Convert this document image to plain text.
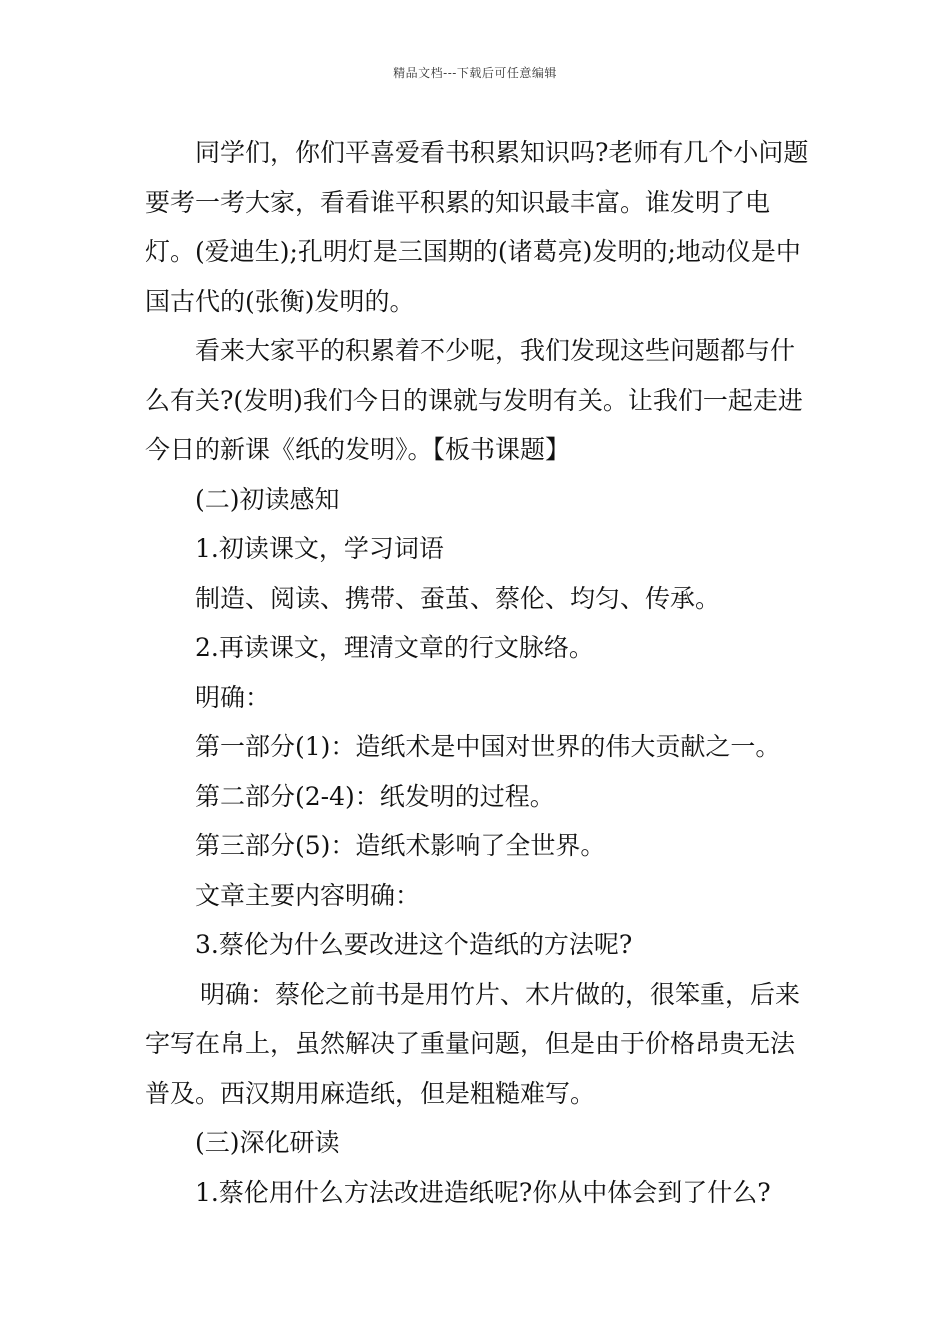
精品文档---下载后可任意编辑

同学们，你们平喜爱看书积累知识吗?老师有几个小问题要考一考大家，看看谁平积累的知识最丰富。谁发明了电灯。(爱迪生);孔明灯是三国期的(诸葛亮)发明的;地动仪是中国古代的(张衡)发明的。

看来大家平的积累着不少呢，我们发现这些问题都与什么有关?(发明)我们今日的课就与发明有关。让我们一起走进今日的新课《纸的发明》。【板书课题】

(二)初读感知

1.初读课文，学习词语

制造、阅读、携带、蚕茧、蔡伦、均匀、传承。

2.再读课文，理清文章的行文脉络。

明确：

第一部分(1)：造纸术是中国对世界的伟大贡献之一。

第二部分(2-4)：纸发明的过程。

第三部分(5)：造纸术影响了全世界。

文章主要内容明确：

3.蔡伦为什么要改进这个造纸的方法呢?

明确：蔡伦之前书是用竹片、木片做的，很笨重，后来字写在帛上，虽然解决了重量问题，但是由于价格昂贵无法普及。西汉期用麻造纸，但是粗糙难写。

(三)深化研读

1.蔡伦用什么方法改进造纸呢?你从中体会到了什么?
